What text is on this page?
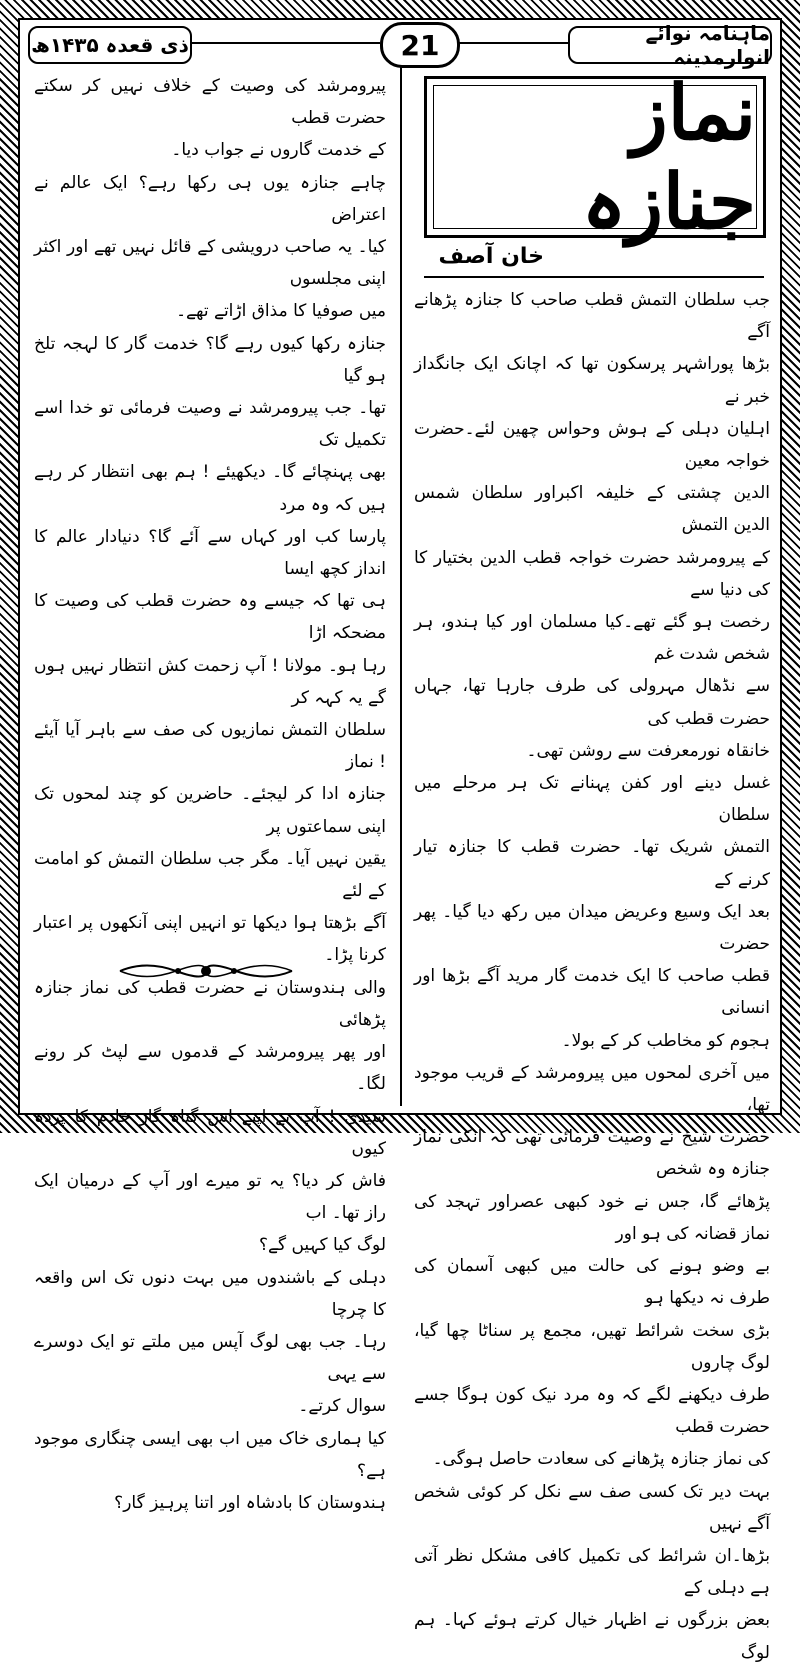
ذی قعدہ ۱۴۳۵ھ	21	ماہنامہ نوائے انوارمدینہ
نماز جنازہ
خان آصف

جب سلطان التمش قطب صاحب کا جنازہ پڑھانے آگے

بڑھا پوراشہر پرسکون تھا کہ اچانک ایک جانگداز خبر نے

اہلیان دہلی کے ہوش وحواس چھین لئے۔حضرت خواجہ معین

الدین چشتی کے خلیفہ اکبراور سلطان شمس الدین التمش

کے پیرومرشد حضرت خواجہ قطب الدین بختیار کا کی دنیا سے

رخصت ہو گئے تھے۔کیا مسلمان اور کیا ہندو، ہر شخص شدت غم

سے نڈھال مہرولی کی طرف جارہا تھا، جہاں حضرت قطب کی

خانقاہ نورمعرفت سے روشن تھی۔

غسل دینے اور کفن پہنانے تک ہر مرحلے میں سلطان

التمش شریک تھا۔ حضرت قطب کا جنازہ تیار کرنے کے

بعد ایک وسیع وعریض میدان میں رکھ دیا گیا۔ پھر حضرت

قطب صاحب کا ایک خدمت گار مرید آگے بڑھا اور انسانی

ہجوم کو مخاطب کر کے بولا۔

میں آخری لمحوں میں پیرومرشد کے قریب موجود تھا،

حضرت شیخ نے وصیت فرمائی تھی کہ انکی نماز جنازہ وہ شخص

پڑھائے گا، جس نے خود کبھی عصراور تہجد کی نماز قضانہ کی ہو اور

بے وضو ہونے کی حالت میں کبھی آسمان کی طرف نہ دیکھا ہو

بڑی سخت شرائط تھیں، مجمع پر سناٹا چھا گیا، لوگ چاروں

طرف دیکھنے لگے کہ وہ مرد نیک کون ہوگا جسے حضرت قطب

کی نماز جنازہ پڑھانے کی سعادت حاصل ہوگی۔

بہت دیر تک کسی صف سے نکل کر کوئی شخص آگے نہیں

بڑھا۔ان شرائط کی تکمیل کافی مشکل نظر آتی ہے دہلی کے

بعض بزرگوں نے اظہار خیال کرتے ہوئے کہا۔ ہم لوگ

پیرومرشد کی وصیت کے خلاف نہیں کر سکتے حضرت قطب

کے خدمت گاروں نے جواب دیا۔

چاہے جنازہ یوں ہی رکھا رہے؟ ایک عالم نے اعتراض

کیا۔ یہ صاحب درویشی کے قائل نہیں تھے اور اکثر اپنی مجلسوں

میں صوفیا کا مذاق اڑاتے تھے۔

جنازہ رکھا کیوں رہے گا؟ خدمت گار کا لہجہ تلخ ہو گیا

تھا۔ جب پیرومرشد نے وصیت فرمائی تو خدا اسے تکمیل تک

بھی پہنچائے گا۔ دیکھیئے ! ہم بھی انتظار کر رہے ہیں کہ وہ مرد

پارسا کب اور کہاں سے آئے گا؟ دنیادار عالم کا انداز کچھ ایسا

ہی تھا کہ جیسے وہ حضرت قطب کی وصیت کا مضحکہ اڑا

رہا ہو۔ مولانا ! آپ زحمت کش انتظار نہیں ہوں گے یہ کہہ کر

سلطان التمش نمازیوں کی صف سے باہر آیا آیئے ! نماز

جنازہ ادا کر لیجئے۔ حاضرین کو چند لمحوں تک اپنی سماعتوں پر

یقین نہیں آیا۔ مگر جب سلطان التمش کو امامت کے لئے

آگے بڑھتا ہوا دیکھا تو انہیں اپنی آنکھوں پر اعتبار کرنا پڑا۔

والی ہندوستان نے حضرت قطب کی نماز جنازہ پڑھائی

اور پھر پیرومرشد کے قدموں سے لپٹ کر رونے لگا۔

سیدی ! آپ نے اپنے اس گناہ گار خادم کا پردہ کیوں

فاش کر دیا؟ یہ تو میرے اور آپ کے درمیان ایک راز تھا۔ اب

لوگ کیا کہیں گے؟

دہلی کے باشندوں میں بہت دنوں تک اس واقعہ کا چرچا

رہا۔ جب بھی لوگ آپس میں ملتے تو ایک دوسرے سے یہی

سوال کرتے۔

کیا ہماری خاک میں اب بھی ایسی چنگاری موجود ہے؟

ہندوستان کا بادشاہ اور اتنا پرہیز گار؟
